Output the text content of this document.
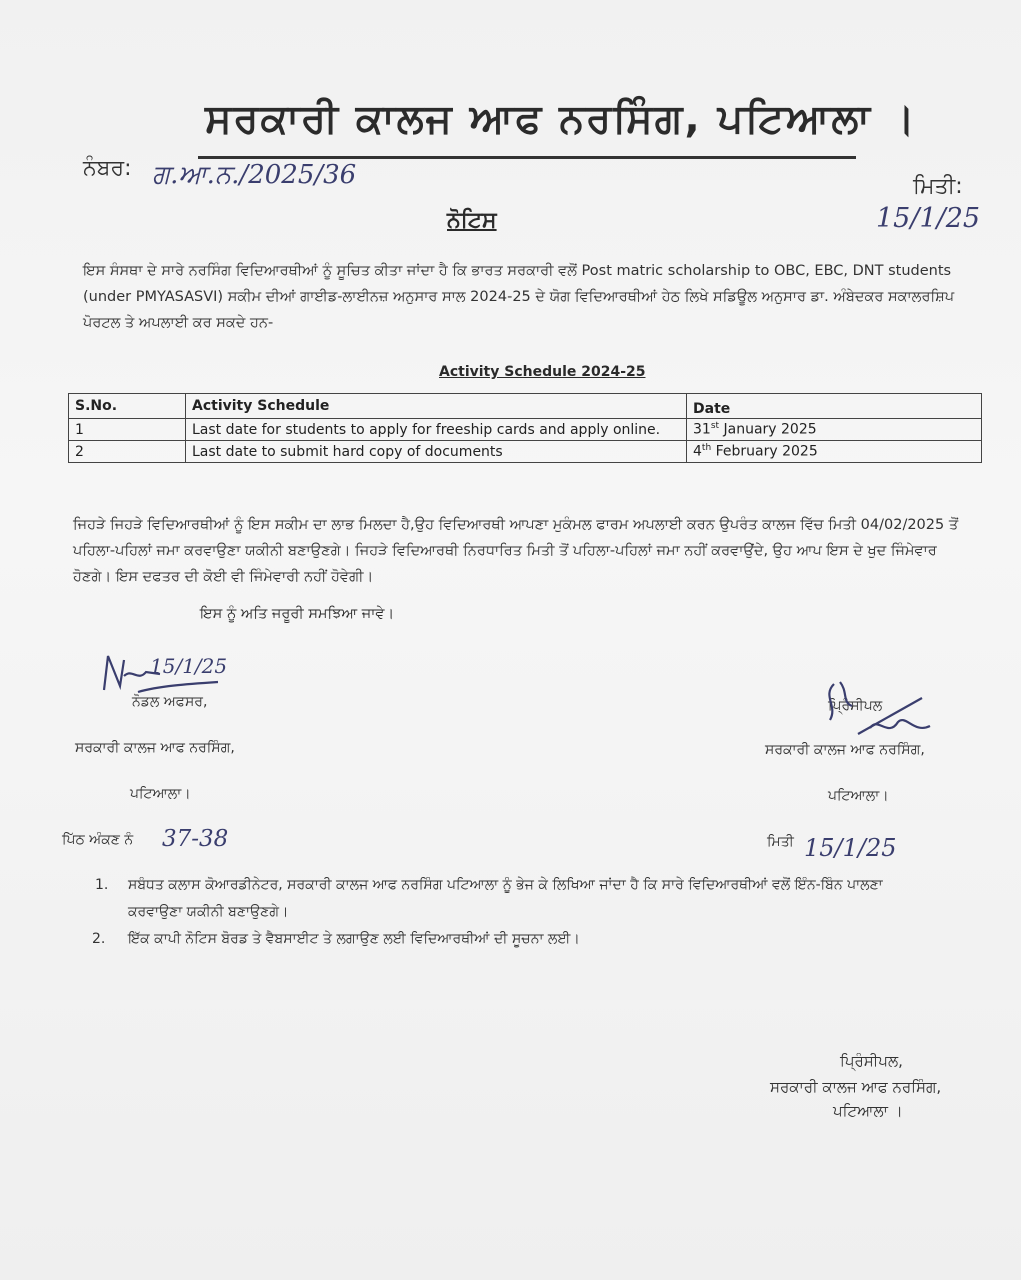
ਸਰਕਾਰੀ ਕਾਲਜ ਆਫ ਨਰਸਿੰਗ, ਪਟਿਆਲਾ ।
ਨੰਬਰ: ਗ.ਆ.ਨ./2025/36	ਮਿਤੀ:
15/1/25
ਨੋਟਿਸ
ਇਸ ਸੰਸਥਾ ਦੇ ਸਾਰੇ ਨਰਸਿੰਗ ਵਿਦਿਆਰਥੀਆਂ ਨੂੰ ਸੂਚਿਤ ਕੀਤਾ ਜਾਂਦਾ ਹੈ ਕਿ ਭਾਰਤ ਸਰਕਾਰੀ ਵਲੋਂ Post matric scholarship to OBC, EBC, DNT students (under PMYASASVI) ਸਕੀਮ ਦੀਆਂ ਗਾਈਡ-ਲਾਈਨਜ਼ ਅਨੁਸਾਰ ਸਾਲ 2024-25 ਦੇ ਯੋਗ ਵਿਦਿਆਰਥੀਆਂ ਹੇਠ ਲਿਖੇ ਸਡਿਊਲ ਅਨੁਸਾਰ ਡਾ. ਅੰਬੇਦਕਰ ਸਕਾਲਰਸ਼ਿਪ ਪੋਰਟਲ ਤੇ ਅਪਲਾਈ ਕਰ ਸਕਦੇ ਹਨ-
Activity Schedule 2024-25
S.No.	Activity Schedule	Date
1	Last date for students to apply for freeship cards and apply online.	31st January 2025
2	Last date to submit hard copy of documents	4th February 2025
ਜਿਹੜੇ ਜਿਹੜੇ ਵਿਦਿਆਰਥੀਆਂ ਨੂੰ ਇਸ ਸਕੀਮ ਦਾ ਲਾਭ ਮਿਲਦਾ ਹੈ,ਉਹ ਵਿਦਿਆਰਥੀ ਆਪਣਾ ਮੁਕੰਮਲ ਫਾਰਮ ਅਪਲਾਈ ਕਰਨ ਉਪਰੰਤ ਕਾਲਜ ਵਿੱਚ ਮਿਤੀ 04/02/2025 ਤੋਂ ਪਹਿਲਾ-ਪਹਿਲਾਂ ਜਮਾ ਕਰਵਾਉਣਾ ਯਕੀਨੀ ਬਣਾਉਣਗੇ। ਜਿਹੜੇ ਵਿਦਿਆਰਥੀ ਨਿਰਧਾਰਿਤ ਮਿਤੀ ਤੋਂ ਪਹਿਲਾ-ਪਹਿਲਾਂ ਜਮਾ ਨਹੀਂ ਕਰਵਾਉਂਦੇ, ਉਹ ਆਪ ਇਸ ਦੇ ਖੁਦ ਜਿੰਮੇਵਾਰ ਹੋਣਗੇ। ਇਸ ਦਫਤਰ ਦੀ ਕੋਈ ਵੀ ਜਿੰਮੇਵਾਰੀ ਨਹੀਂ ਹੋਵੇਗੀ।
ਇਸ ਨੂੰ ਅਤਿ ਜਰੂਰੀ ਸਮਝਿਆ ਜਾਵੇ।
15/1/25
ਨੋਡਲ ਅਫਸਰ,
ਸਰਕਾਰੀ ਕਾਲਜ ਆਫ ਨਰਸਿੰਗ,
ਪਟਿਆਲਾ।
ਪ੍ਰਿੰਸੀਪਲ
ਸਰਕਾਰੀ ਕਾਲਜ ਆਫ ਨਰਸਿੰਗ,
ਪਟਿਆਲਾ।
ਪਿੱਠ ਅੰਕਣ ਨੰ 37-38	ਮਿਤੀ 15/1/25
1. ਸਬੰਧਤ ਕਲਾਸ ਕੋਆਰਡੀਨੇਟਰ, ਸਰਕਾਰੀ ਕਾਲਜ ਆਫ ਨਰਸਿੰਗ ਪਟਿਆਲਾ ਨੂੰ ਭੇਜ ਕੇ ਲਿਖਿਆ ਜਾਂਦਾ ਹੈ ਕਿ ਸਾਰੇ ਵਿਦਿਆਰਥੀਆਂ ਵਲੋਂ ਇੰਨ-ਬਿੰਨ ਪਾਲਣਾ
ਕਰਵਾਉਣਾ ਯਕੀਨੀ ਬਣਾਉਣਗੇ।
2. ਇੱਕ ਕਾਪੀ ਨੋਟਿਸ ਬੋਰਡ ਤੇ ਵੈਬਸਾਈਟ ਤੇ ਲਗਾਉਣ ਲਈ ਵਿਦਿਆਰਥੀਆਂ ਦੀ ਸੂਚਨਾ ਲਈ।
ਪ੍ਰਿੰਸੀਪਲ,
ਸਰਕਾਰੀ ਕਾਲਜ ਆਫ ਨਰਸਿੰਗ,
ਪਟਿਆਲਾ ।
